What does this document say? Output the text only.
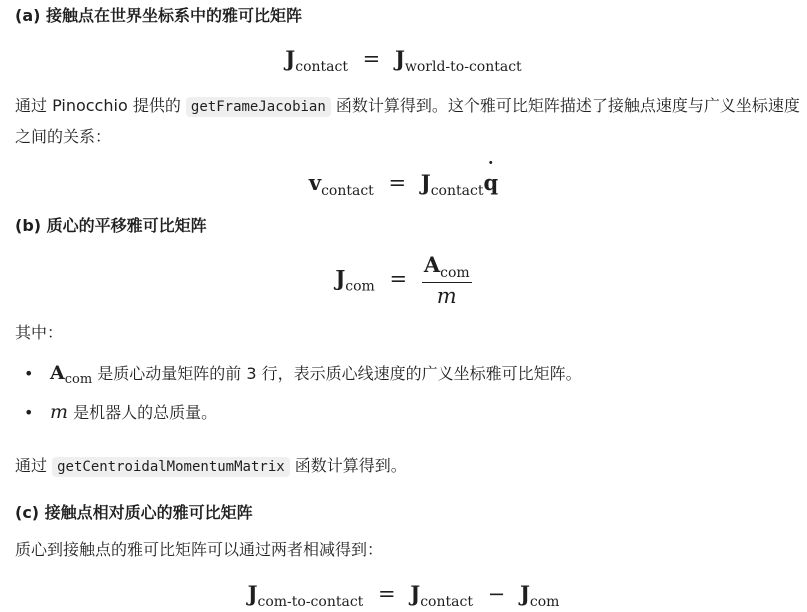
(a) 接触点在世界坐标系中的雅可比矩阵
$J_{contact} = J_{world-to-contact}$
通过 Pinocchio 提供的 getFrameJacobian 函数计算得到。这个雅可比矩阵描述了接触点速度与广义坐标速度之间的关系：
$v_{contact}$ = $J_{contact}˙$ q
(b) 质心的平移雅可比矩阵
$J_{com} = \frac{A_{com}}{m}$
其中：
• $A_{com}$ 是质心动量矩阵的前 3 行，表示质心线速度的广义坐标雅可比矩阵。
• m 是机器人的总质量。
通过 getCentroidalMomentumMatrix 函数计算得到。
(c) 接触点相对质心的雅可比矩阵
质心到接触点的雅可比矩阵可以通过两者相减得到：
$J_{com-to-contact} = J_{contact} - J_{com}$
